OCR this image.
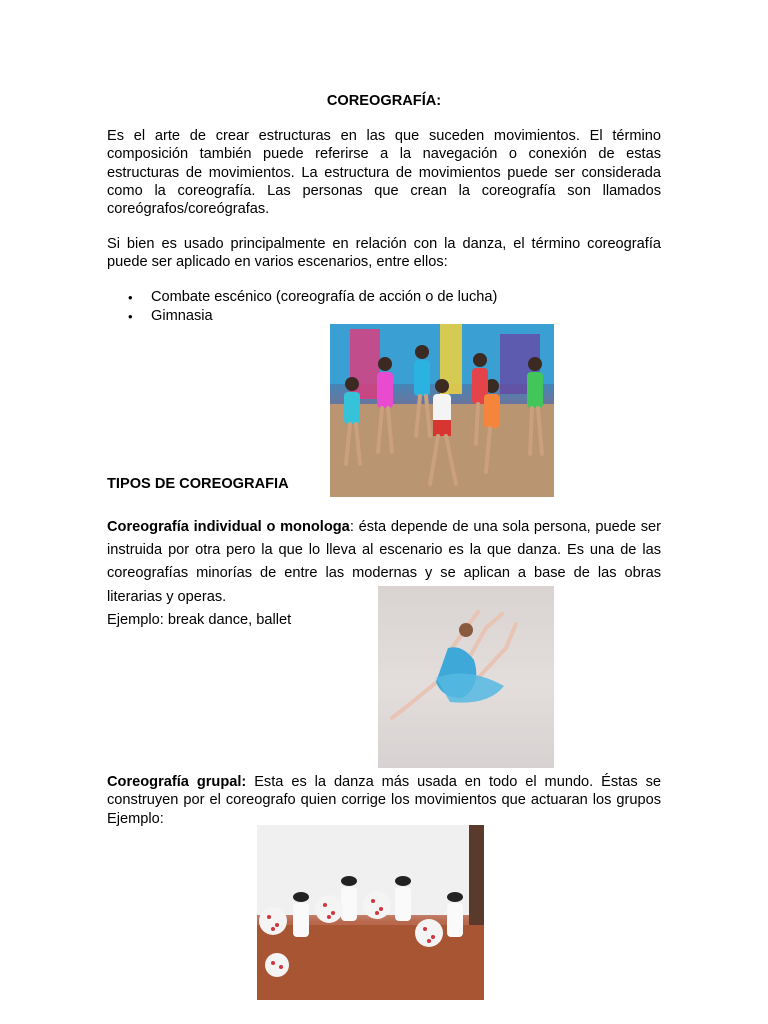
COREOGRAFÍA:

Es el arte de crear estructuras en las que suceden movimientos. El término composición también puede referirse a la navegación o conexión de estas estructuras de movimientos. La estructura de movimientos puede ser considerada como la coreografía. Las personas que crean la coreografía son llamados coreógrafos/coreógrafas.

Si bien es usado principalmente en relación con la danza, el término coreografía puede ser aplicado en varios escenarios, entre ellos:

• Combate escénico (coreografía de acción o de lucha)
• Gimnasia
TIPOS DE COREOGRAFIA

Coreografía individual o monologa: ésta depende de una sola persona, puede ser instruida por otra pero la que lo lleva al escenario es la que danza. Es una de las coreografías minorías de entre las modernas y se aplican a base de las obras literarias y operas.

Ejemplo: break dance, ballet

Coreografía grupal: Esta es la danza más usada en todo el mundo. Éstas se construyen por el coreografo quien corrige los movimientos que actuaran los grupos Ejemplo:
